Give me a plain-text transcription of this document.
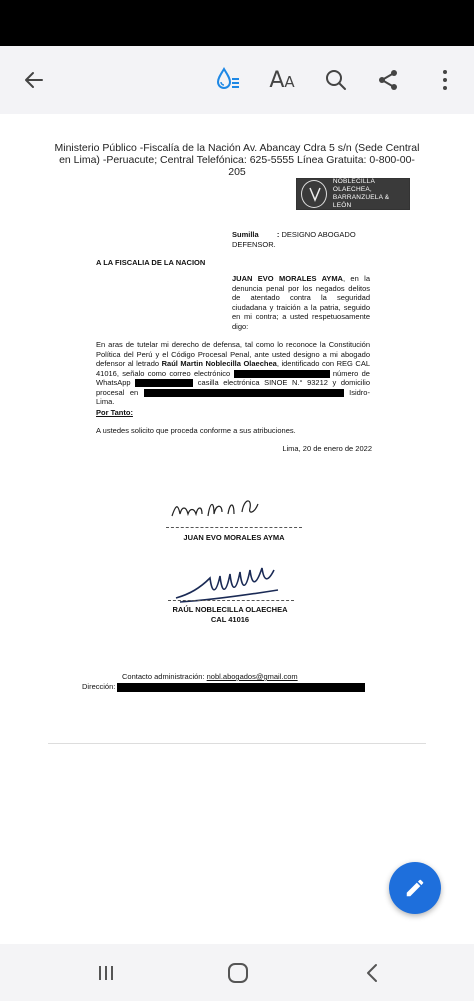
AA
Ministerio Público -Fiscalía de la Nación Av. Abancay Cdra 5 s/n (Sede Central en Lima) -Peruacute; Central Telefónica: 625-5555 Línea Gratuita: 0-800-00-205	ESTUDIO
NOBLECILLA OLAECHEA,
BARRANZUELA & LEÓN
PENAL / CORPORATIVO
Sumilla : DESIGNO ABOGADO DEFENSOR.
A LA FISCALIA DE LA NACION
JUAN EVO MORALES AYMA, en la denuncia penal por los negados delitos de atentado contra la seguridad ciudadana y traición a la patria, seguido en mi contra; a usted respetuosamente digo:
En aras de tutelar mi derecho de defensa, tal como lo reconoce la Constitución Política del Perú y el Código Procesal Penal, ante usted designo a mi abogado defensor al letrado Raúl Martin Noblecilla Olaechea, identificado con REG CAL 41016, señalo como correo electrónico	número de WhatsApp	casilla electrónica SINOE N.° 93212 y domicilio procesal en	Isidro-Lima.
Por Tanto:
A ustedes solicito que proceda conforme a sus atribuciones.
Lima, 20 de enero de 2022
JUAN EVO MORALES AYMA
RAÚL NOBLECILLA OLAECHEA
CAL 41016
Contacto administración: nobl.abogados@gmail.com
Dirección:
